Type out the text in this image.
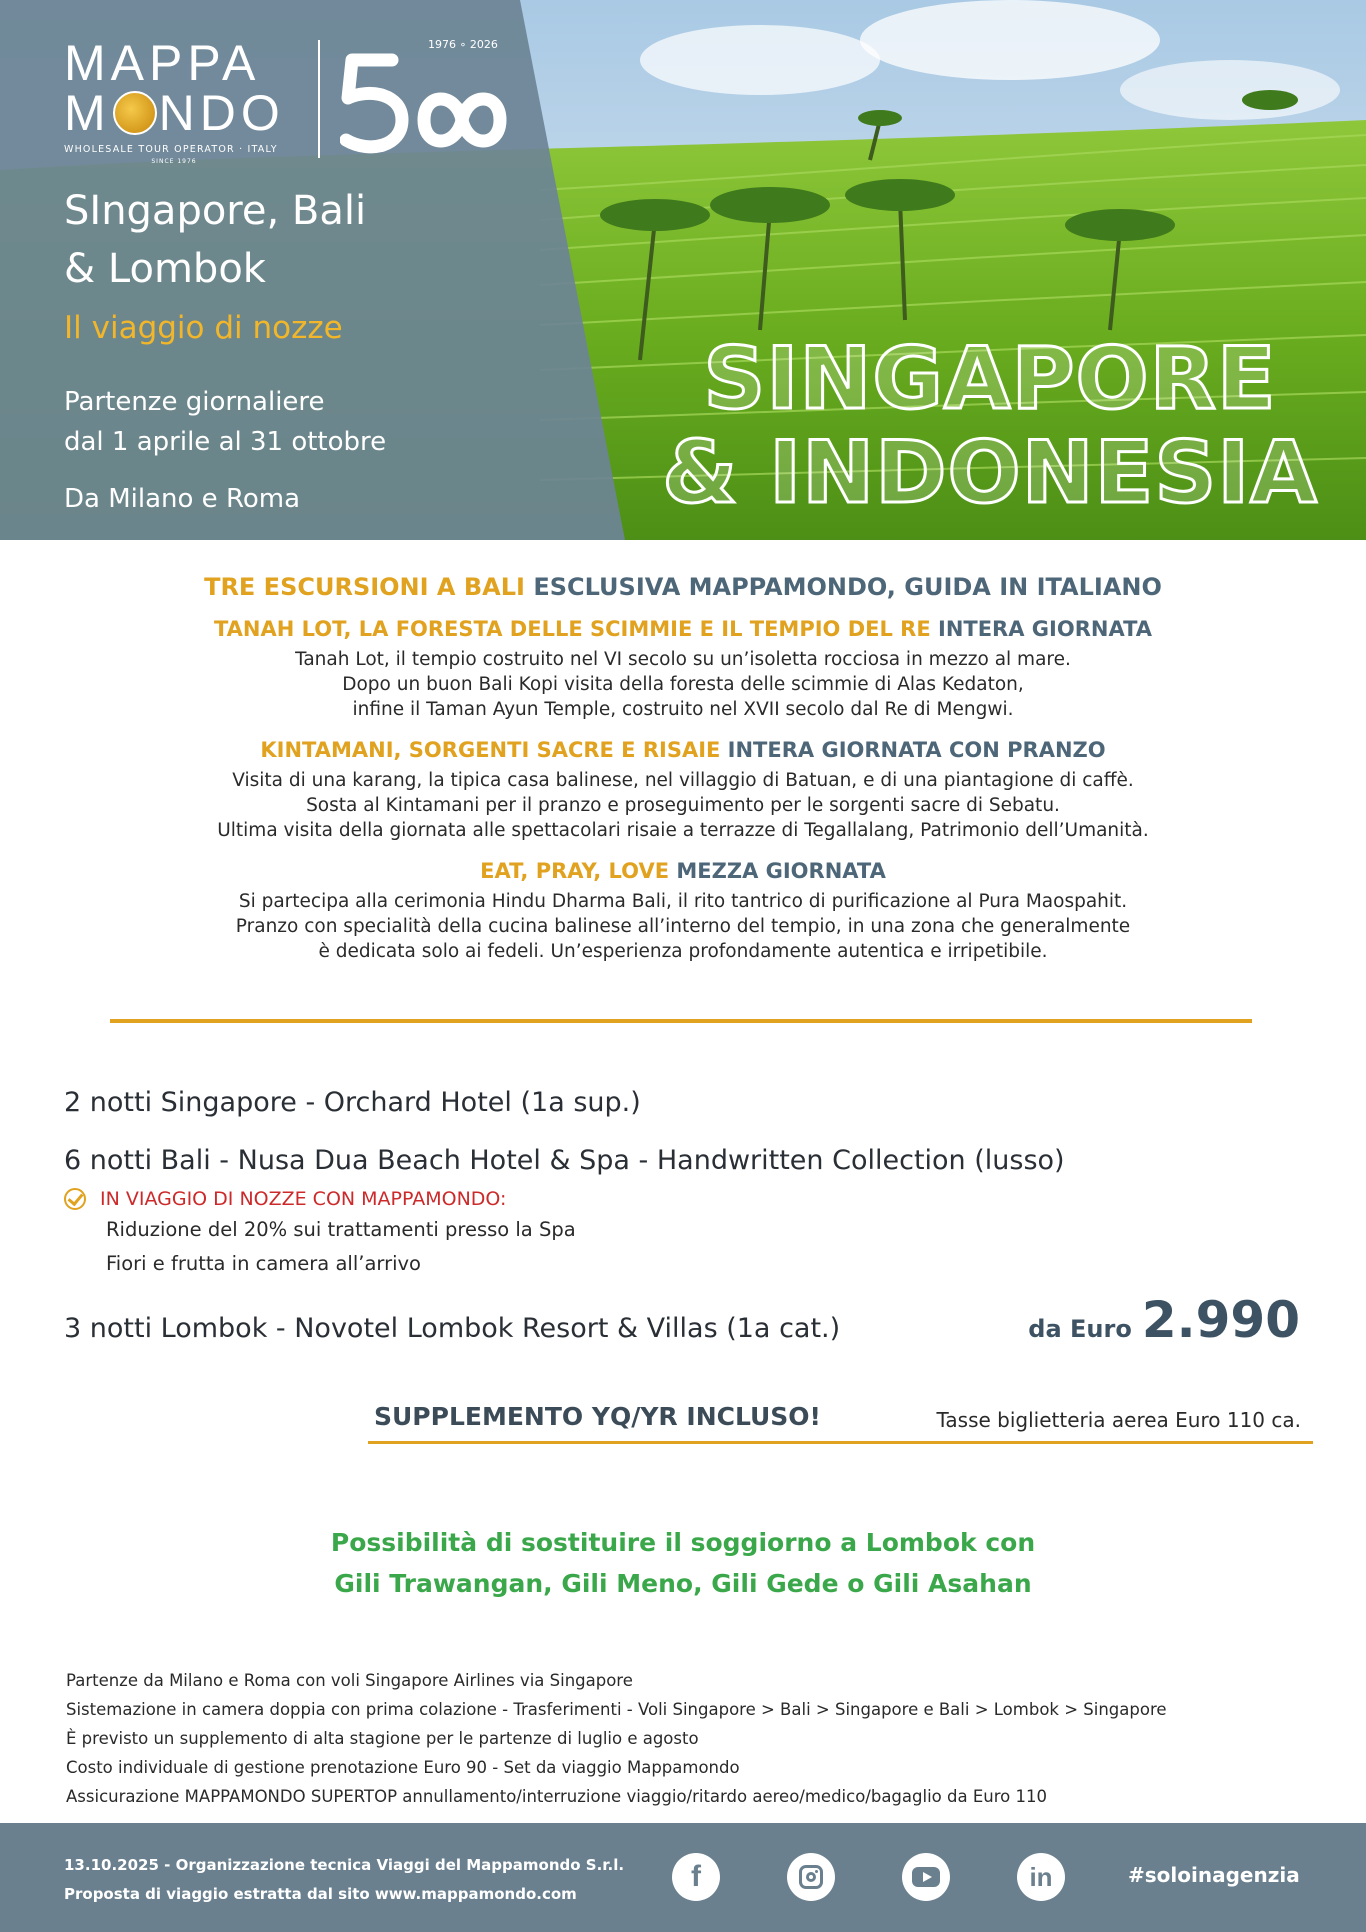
MAPPA
M NDO
WHOLESALE TOUR OPERATOR · ITALY
SINCE 1976
1976 ∘ 2026
50
SIngapore, Bali
& Lombok
Il viaggio di nozze
Partenze giornaliere
dal 1 aprile al 31 ottobre
Da Milano e Roma
SINGAPORE
& INDONESIA
TRE ESCURSIONI A BALI ESCLUSIVA MAPPAMONDO, GUIDA IN ITALIANO
TANAH LOT, LA FORESTA DELLE SCIMMIE E IL TEMPIO DEL RE INTERA GIORNATA
Tanah Lot, il tempio costruito nel VI secolo su un’isoletta rocciosa in mezzo al mare.
Dopo un buon Bali Kopi visita della foresta delle scimmie di Alas Kedaton,
infine il Taman Ayun Temple, costruito nel XVII secolo dal Re di Mengwi.
KINTAMANI, SORGENTI SACRE E RISAIE INTERA GIORNATA CON PRANZO
Visita di una karang, la tipica casa balinese, nel villaggio di Batuan, e di una piantagione di caffè.
Sosta al Kintamani per il pranzo e proseguimento per le sorgenti sacre di Sebatu.
Ultima visita della giornata alle spettacolari risaie a terrazze di Tegallalang, Patrimonio dell’Umanità.
EAT, PRAY, LOVE MEZZA GIORNATA
Si partecipa alla cerimonia Hindu Dharma Bali, il rito tantrico di purificazione al Pura Maospahit.
Pranzo con specialità della cucina balinese all’interno del tempio, in una zona che generalmente
è dedicata solo ai fedeli. Un’esperienza profondamente autentica e irripetibile.
2 notti Singapore - Orchard Hotel (1a sup.)
6 notti Bali - Nusa Dua Beach Hotel & Spa - Handwritten Collection (lusso)
IN VIAGGIO DI NOZZE CON MAPPAMONDO:
Riduzione del 20% sui trattamenti presso la Spa
Fiori e frutta in camera all’arrivo
3 notti Lombok - Novotel Lombok Resort & Villas (1a cat.)	da Euro 2.990
SUPPLEMENTO YQ/YR INCLUSO!	Tasse biglietteria aerea Euro 110 ca.
Possibilità di sostituire il soggiorno a Lombok con
Gili Trawangan, Gili Meno, Gili Gede o Gili Asahan
Partenze da Milano e Roma con voli Singapore Airlines via Singapore
Sistemazione in camera doppia con prima colazione - Trasferimenti - Voli Singapore > Bali > Singapore e Bali > Lombok > Singapore
È previsto un supplemento di alta stagione per le partenze di luglio e agosto
Costo individuale di gestione prenotazione Euro 90 - Set da viaggio Mappamondo
Assicurazione MAPPAMONDO SUPERTOP annullamento/interruzione viaggio/ritardo aereo/medico/bagaglio da Euro 110
13.10.2025 - Organizzazione tecnica Viaggi del Mappamondo S.r.l.
Proposta di viaggio estratta dal sito www.mappamondo.com
f	in	#soloinagenzia
